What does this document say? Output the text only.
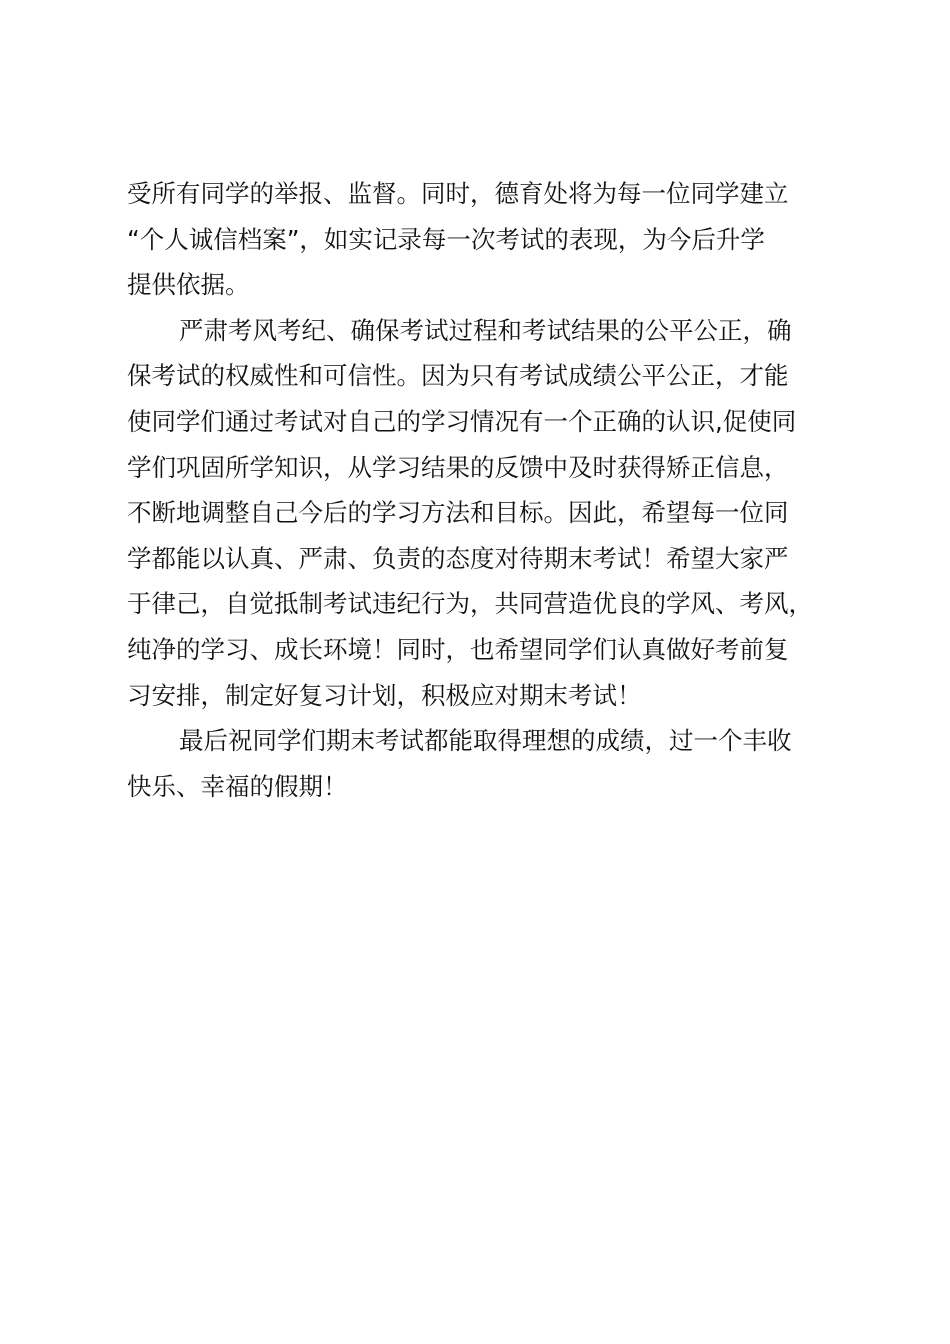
受所有同学的举报、监督。同时，德育处将为每一位同学建立
“个人诚信档案”，如实记录每一次考试的表现，为今后升学
提供依据。
严肃考风考纪、确保考试过程和考试结果的公平公正，确
保考试的权威性和可信性。因为只有考试成绩公平公正，才能
使同学们通过考试对自己的学习情况有一个正确的认识,促使同
学们巩固所学知识，从学习结果的反馈中及时获得矫正信息，
不断地调整自己今后的学习方法和目标。因此，希望每一位同
学都能以认真、严肃、负责的态度对待期末考试！希望大家严
于律己，自觉抵制考试违纪行为，共同营造优良的学风、考风，
纯净的学习、成长环境！同时，也希望同学们认真做好考前复
习安排，制定好复习计划，积极应对期末考试！
最后祝同学们期末考试都能取得理想的成绩，过一个丰收
快乐、幸福的假期！
